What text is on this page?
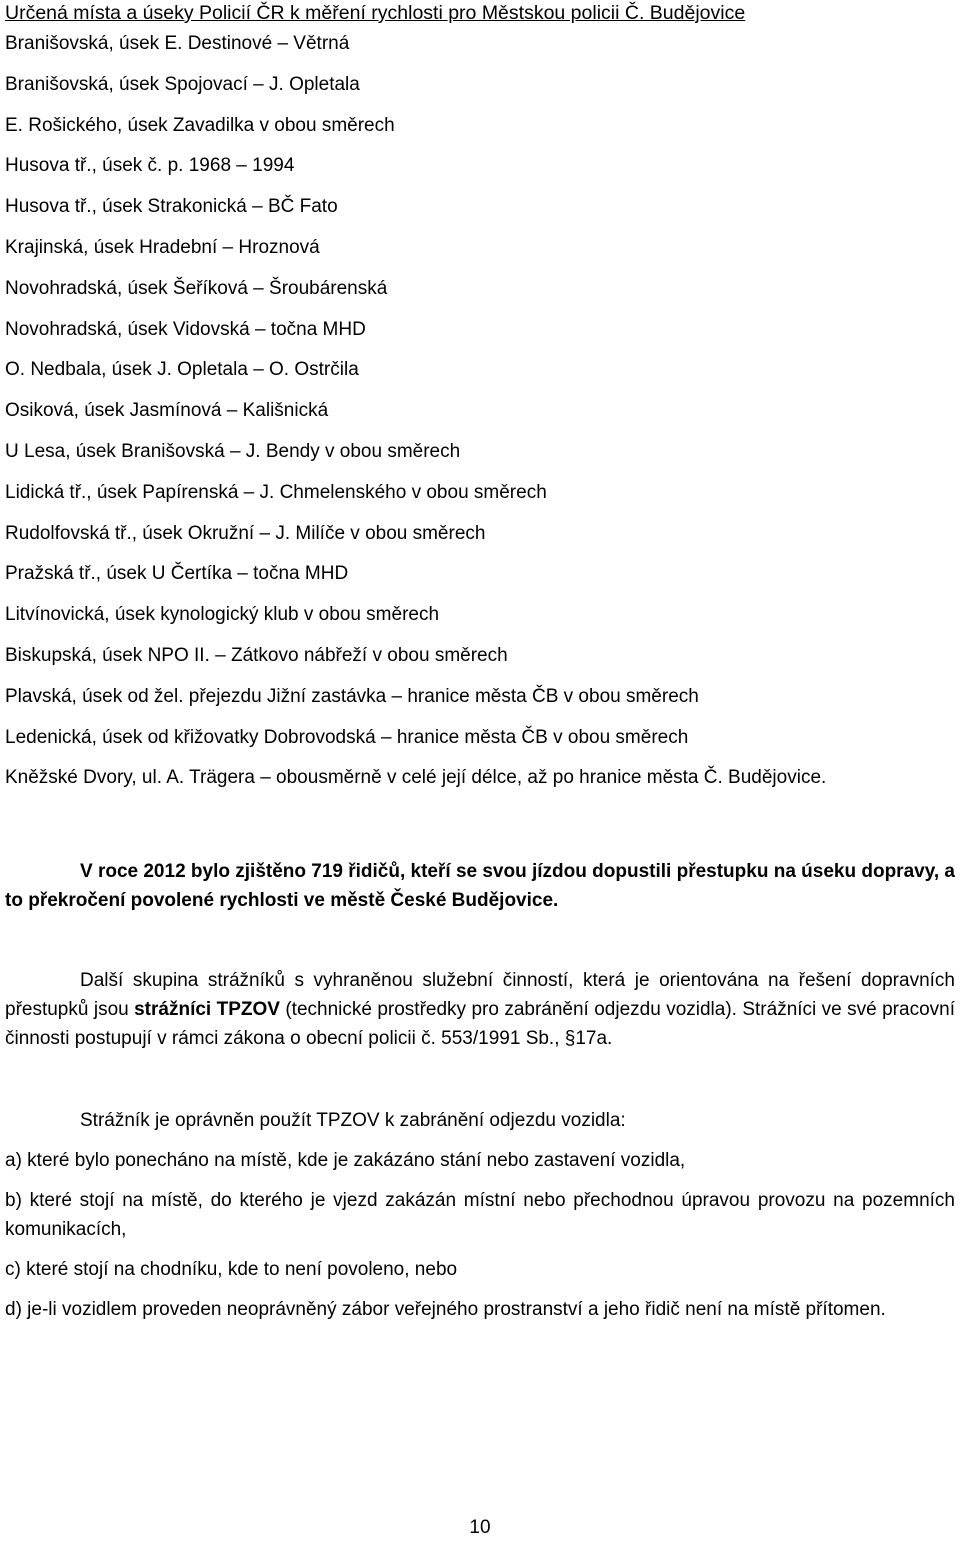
Určená místa a úseky Policií ČR k měření rychlosti pro Městskou policii Č. Budějovice
Branišovská, úsek E. Destinové – Větrná
Branišovská, úsek Spojovací – J. Opletala
E. Rošického, úsek Zavadilka v obou směrech
Husova tř., úsek č. p. 1968 – 1994
Husova tř., úsek Strakonická – BČ Fato
Krajinská, úsek Hradební – Hroznová
Novohradská, úsek Šeříková – Šroubárenská
Novohradská, úsek Vidovská – točna MHD
O. Nedbala, úsek J. Opletala – O. Ostrčila
Osiková, úsek Jasmínová – Kališnická
U Lesa, úsek Branišovská – J. Bendy v obou směrech
Lidická tř., úsek Papírenská – J. Chmelenského v obou směrech
Rudolfovská tř., úsek Okružní – J. Milíče v obou směrech
Pražská tř., úsek U Čertíka – točna MHD
Litvínovická, úsek kynologický klub v obou směrech
Biskupská, úsek NPO II. – Zátkovo nábřeží v obou směrech
Plavská, úsek od žel. přejezdu Jižní zastávka – hranice města ČB v obou směrech
Ledenická, úsek od křižovatky Dobrovodská – hranice města ČB v obou směrech
Kněžské Dvory, ul. A. Trägera – obousměrně v celé její délce, až po hranice města Č. Budějovice.

V roce 2012 bylo zjištěno 719 řidičů, kteří se svou jízdou dopustili přestupku na úseku dopravy, a to překročení povolené rychlosti ve městě České Budějovice.

Další skupina strážníků s vyhraněnou služební činností, která je orientována na řešení dopravních přestupků jsou strážníci TPZOV (technické prostředky pro zabránění odjezdu vozidla). Strážníci ve své pracovní činnosti postupují v rámci zákona o obecní policii č. 553/1991 Sb., §17a.

Strážník je oprávněn použít TPZOV k zabránění odjezdu vozidla:

a) které bylo ponecháno na místě, kde je zakázáno stání nebo zastavení vozidla,

b) které stojí na místě, do kterého je vjezd zakázán místní nebo přechodnou úpravou provozu na pozemních komunikacích,

c) které stojí na chodníku, kde to není povoleno, nebo

d) je-li vozidlem proveden neoprávněný zábor veřejného prostranství a jeho řidič není na místě přítomen.

10
